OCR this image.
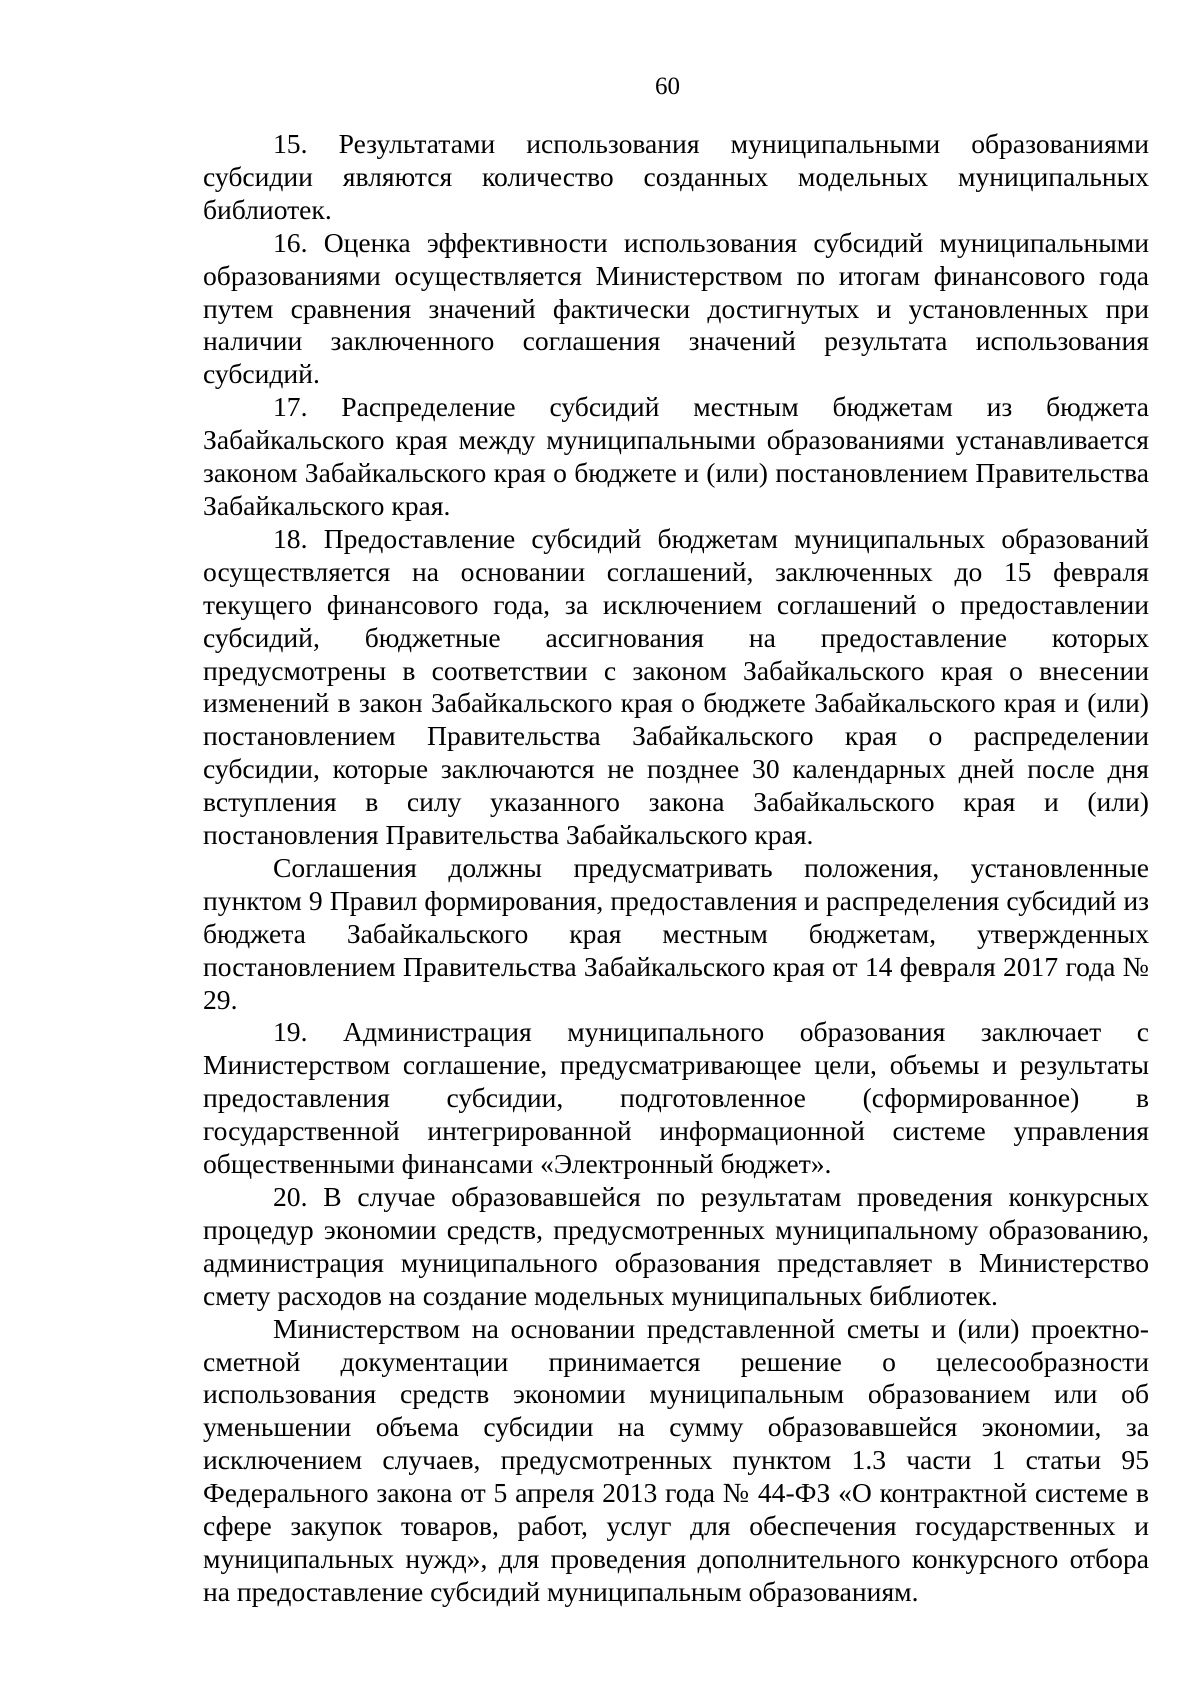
60

15. Результатами использования муниципальными образованиями субсидии являются количество созданных модельных муниципальных библиотек.

16. Оценка эффективности использования субсидий муниципальными образованиями осуществляется Министерством по итогам финансового года путем сравнения значений фактически достигнутых и установленных при наличии заключенного соглашения значений результата использования субсидий.

17. Распределение субсидий местным бюджетам из бюджета Забайкальского края между муниципальными образованиями устанавливается законом Забайкальского края о бюджете и (или) постановлением Правительства Забайкальского края.

18. Предоставление субсидий бюджетам муниципальных образований осуществляется на основании соглашений, заключенных до 15 февраля текущего финансового года, за исключением соглашений о предоставлении субсидий, бюджетные ассигнования на предоставление которых предусмотрены в соответствии с законом Забайкальского края о внесении изменений в закон Забайкальского края о бюджете Забайкальского края и (или) постановлением Правительства Забайкальского края о распределении субсидии, которые заключаются не позднее 30 календарных дней после дня вступления в силу указанного закона Забайкальского края и (или) постановления Правительства Забайкальского края.

Соглашения должны предусматривать положения, установленные пунктом 9 Правил формирования, предоставления и распределения субсидий из бюджета Забайкальского края местным бюджетам, утвержденных постановлением Правительства Забайкальского края от 14 февраля 2017 года № 29.

19. Администрация муниципального образования заключает с Министерством соглашение, предусматривающее цели, объемы и результаты предоставления субсидии, подготовленное (сформированное) в государственной интегрированной информационной системе управления общественными финансами «Электронный бюджет».

20. В случае образовавшейся по результатам проведения конкурсных процедур экономии средств, предусмотренных муниципальному образованию, администрация муниципального образования представляет в Министерство смету расходов на создание модельных муниципальных библиотек.

Министерством на основании представленной сметы и (или) проектно-сметной документации принимается решение о целесообразности использования средств экономии муниципальным образованием или об уменьшении объема субсидии на сумму образовавшейся экономии, за исключением случаев, предусмотренных пунктом 1.3 части 1 статьи 95 Федерального закона от 5 апреля 2013 года № 44-ФЗ «О контрактной системе в сфере закупок товаров, работ, услуг для обеспечения государственных и муниципальных нужд», для проведения дополнительного конкурсного отбора на предоставление субсидий муниципальным образованиям.
